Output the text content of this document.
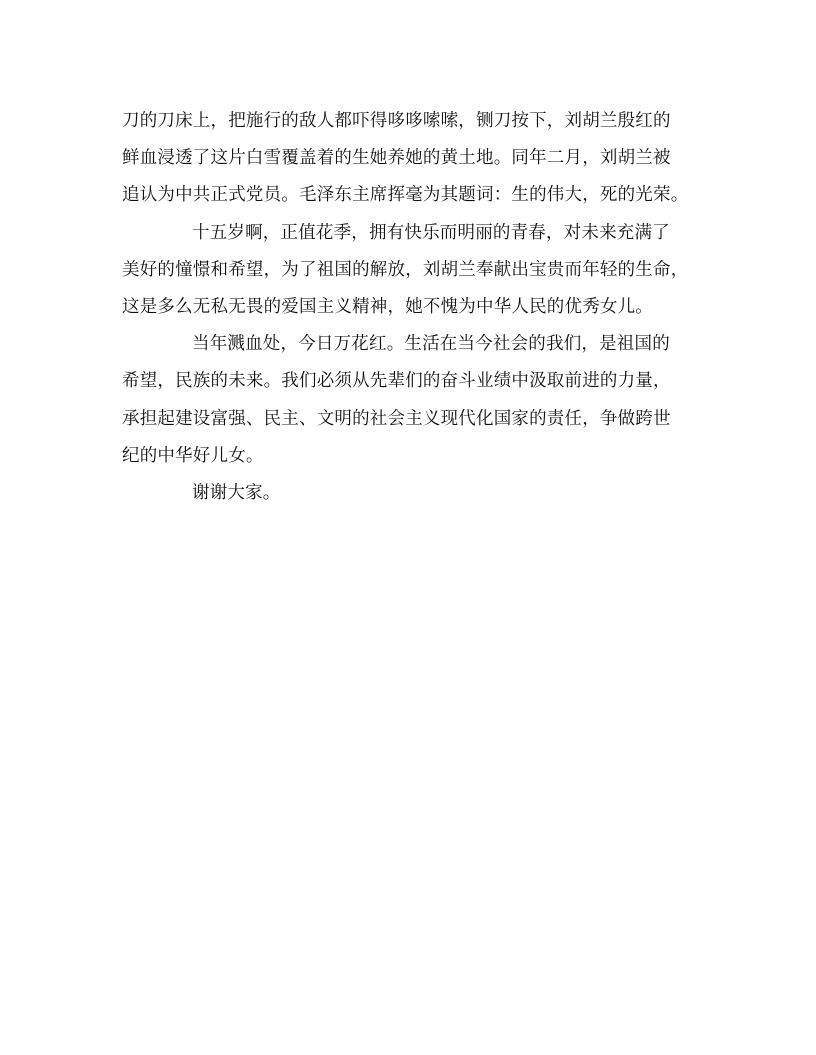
刀的刀床上，把施行的敌人都吓得哆哆嗦嗦，铡刀按下，刘胡兰殷红的
鲜血浸透了这片白雪覆盖着的生她养她的黄土地。同年二月，刘胡兰被
追认为中共正式党员。毛泽东主席挥毫为其题词：生的伟大，死的光荣。
十五岁啊，正值花季，拥有快乐而明丽的青春，对未来充满了
美好的憧憬和希望，为了祖国的解放，刘胡兰奉献出宝贵而年轻的生命，
这是多么无私无畏的爱国主义精神，她不愧为中华人民的优秀女儿。
当年溅血处，今日万花红。生活在当今社会的我们，是祖国的
希望，民族的未来。我们必须从先辈们的奋斗业绩中汲取前进的力量，
承担起建设富强、民主、文明的社会主义现代化国家的责任，争做跨世
纪的中华好儿女。
谢谢大家。
